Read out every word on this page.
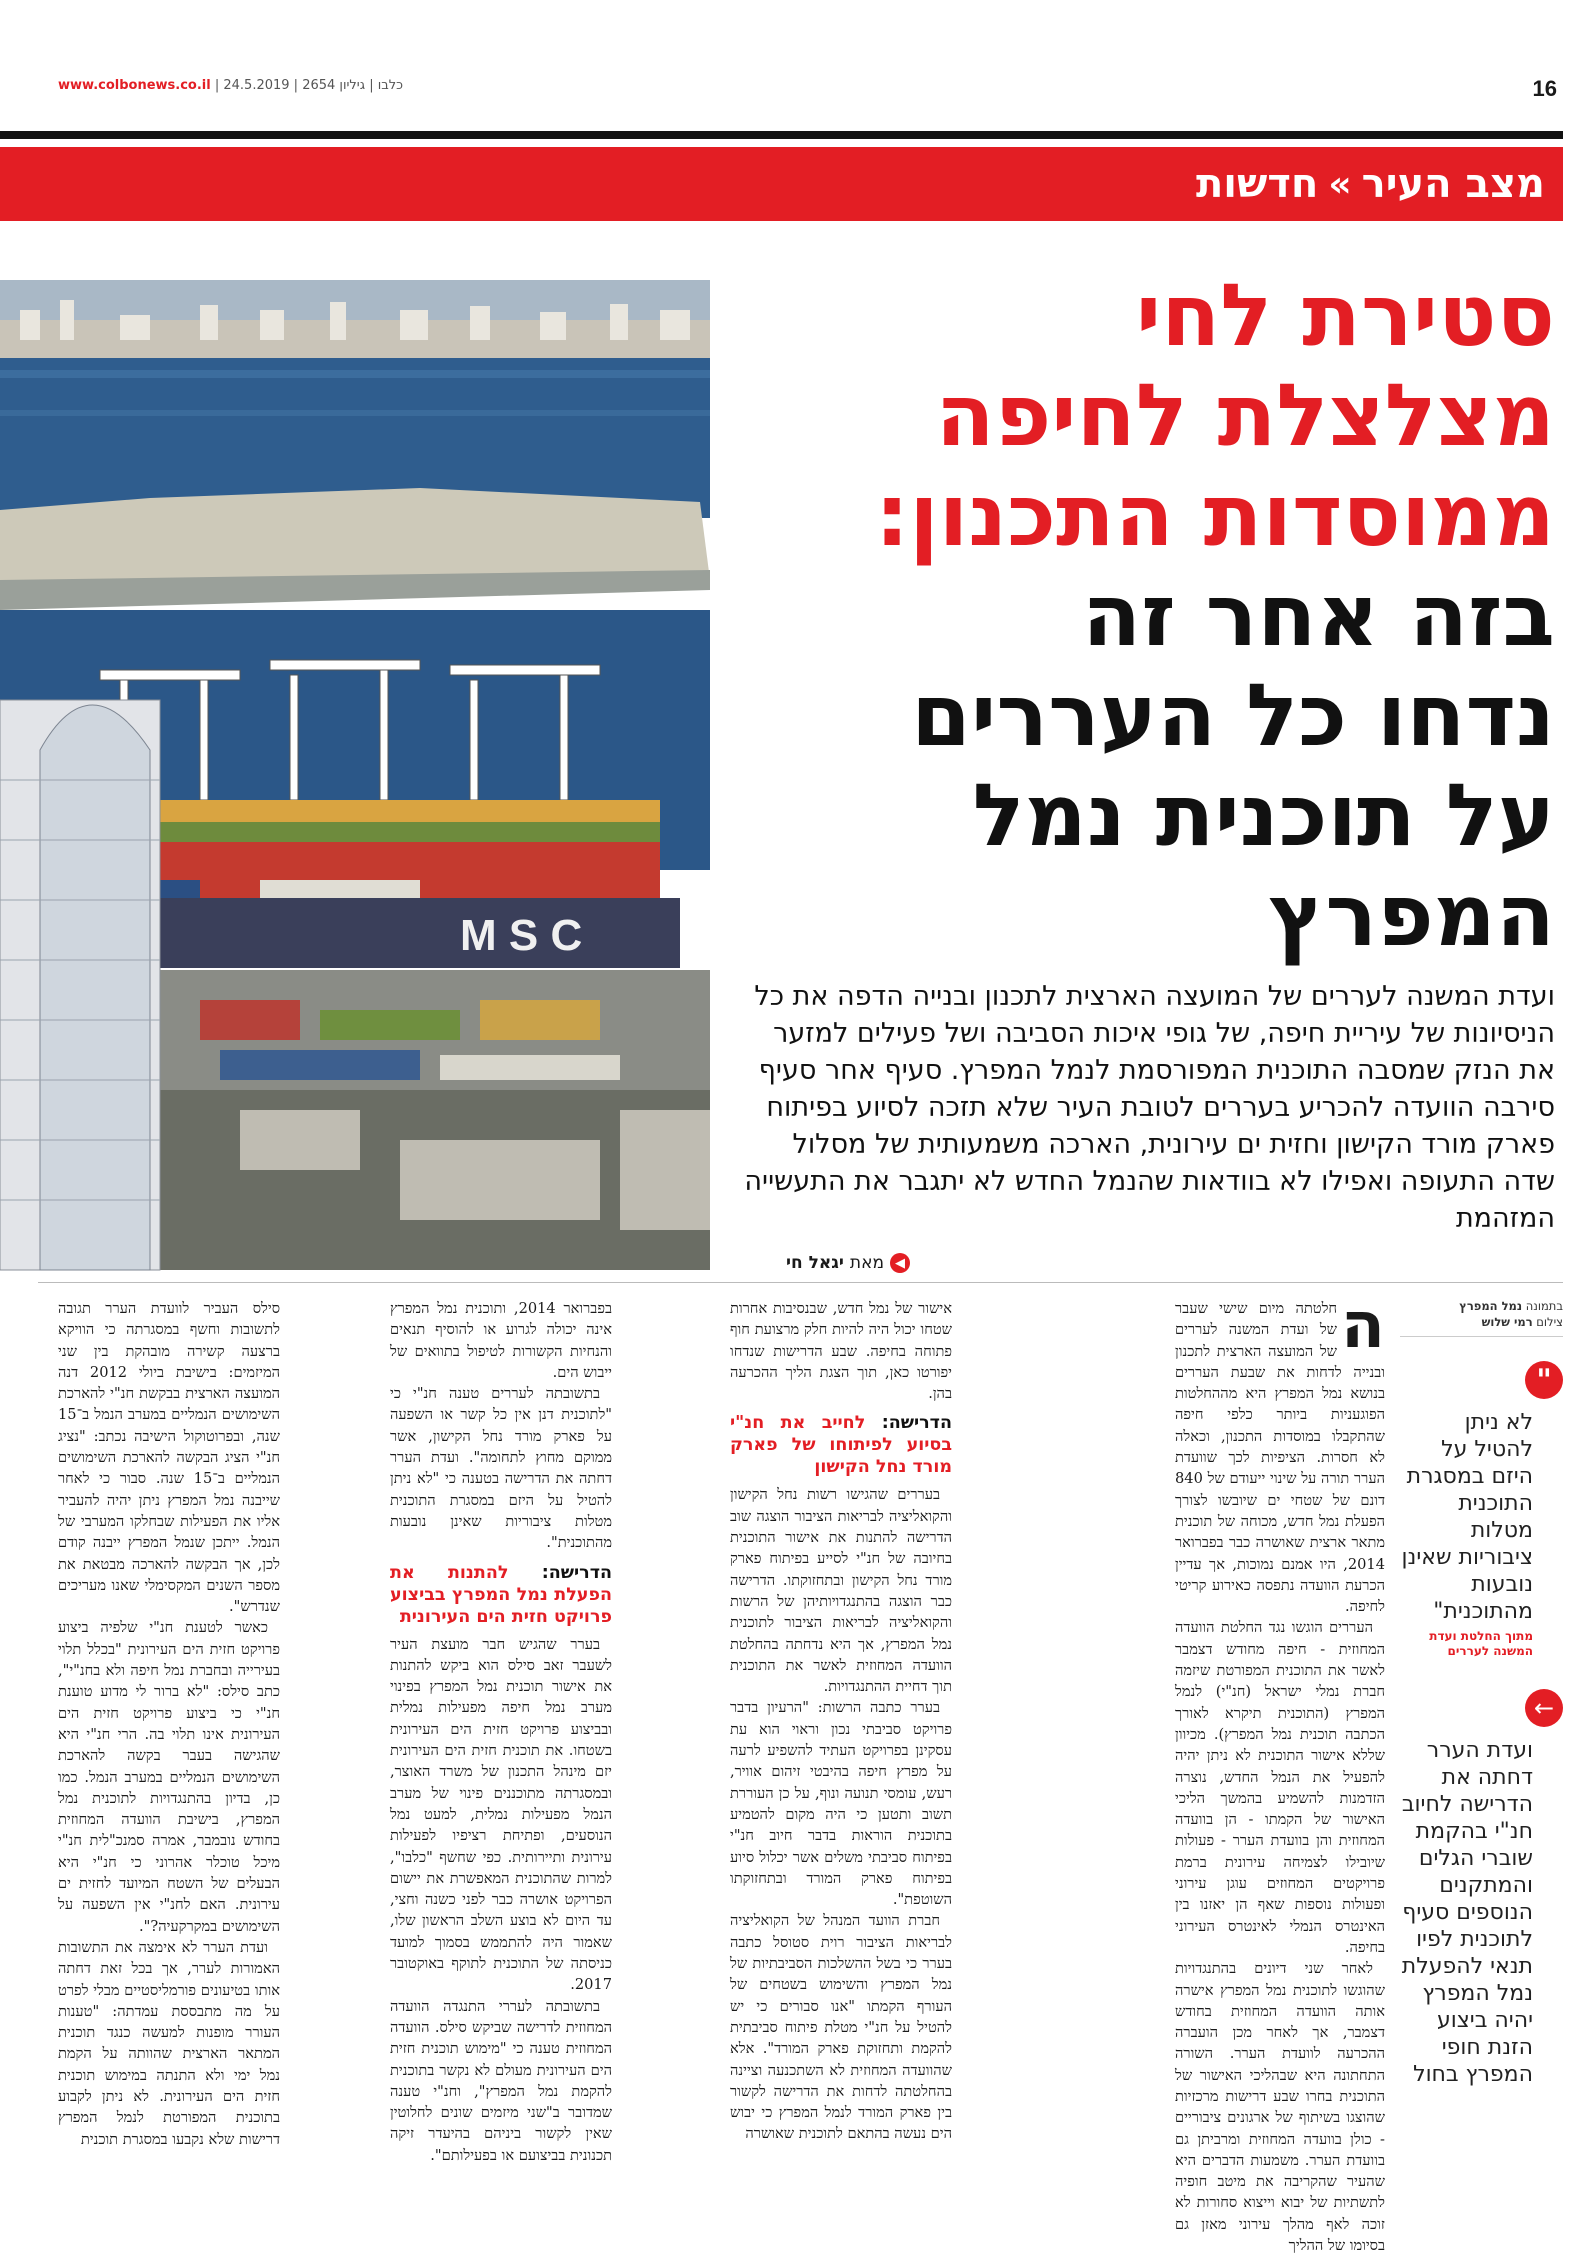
www.colbonews.co.il | כלבו | גיליון 2654 | 24.5.2019	16
מצב העיר
»
חדשות
M S C
סטירת לחי
מצלצלת לחיפה
ממוסדות התכנון:
בזה אחר זה
נדחו כל העררים
על תוכנית נמל
המפרץ
ועדת המשנה לעררים של המועצה הארצית לתכנון ובנייה הדפה את כל הניסיונות של עיריית חיפה, של גופי איכות הסביבה ושל פעילים למזער את הנזק שמסבה התוכנית המפורסמת לנמל המפרץ. סעיף אחר סעיף סירבה הוועדה להכריע בעררים לטובת העיר שלא תזכה לסיוע בפיתוח פארק מורד הקישון וחזית ים עירונית, הארכה משמעותית של מסלול שדה התעופה ואפילו לא בוודאות שהנמל החדש לא יתגבר את התעשייה המזהמת
◀
מאת
יגאל חי
בתמונה נמל המפרץ
צילום רמי שלוש
"
לא ניתן להטיל על היזם במסגרת התוכנית מטלות ציבוריות שאינן נובעות מהתוכנית"
מתוך החלטת ועדת המשנה לעררים
←
ועדת הערר דחתה את הדרישה לחיוב חנ"י בהקמת שוברי הגלים והמתקנים הנוספים סעיף לתוכנית לפיו תנאי להפעלת נמל המפרץ יהיה ביצוע הזנת חופי המפרץ בחול

ה
חלטתה מיום שישי שעבר של ועדת המשנה לעררים של המועצה הארצית לתכנון ובנייה לדחות את שבעת העררים בנושא נמל המפרץ היא מההחלטות הפוגעניות ביותר כלפי חיפה שהתקבלו במוסדות התכנון, וכאלה לא חסרות. הציפיות לכך שוועדת הערר תורה על שינוי ייעודם של 840 דונם של שטחי ים שיובשו לצורך הפעלת נמל חדש, מכוחה של תוכנית מתאר ארצית שאושרה כבר בפברואר 2014, היו אמנם נמוכות, אך עדיין הכרעת הוועדה נתפסה כאירוע קריטי לחיפה.

העררים הוגשו נגד החלטת הוועדה המחוזית - חיפה מחודש דצמבר לאשר את התוכנית המפורטת שיזמה חברת נמלי ישראל (חנ"י) לנמל המפרץ (התוכנית תיקרא לאורך הכתבה תוכנית נמל המפרץ). מכיוון שללא אישור התוכנית לא ניתן יהיה להפעיל את הנמל החדש, נוצרה הזדמנות להשמיע בהמשך הליכי האישור של הקמתו - הן בוועדה המחוזית והן בוועדת הערר - פעולות שיובילו לצמיחה עירונית ברמת פרויקטים המחוזים עוגן עירוני ופעולות נוספות שאף הן יאזנו בין האינטרס הנמלי לאינטרס העירוני בחיפה.

לאחר שני דיונים בהתנגדויות שהוגשו לתוכנית נמל המפרץ אישרה אותה הוועדה המחוזית בחודש דצמבר, אך לאחר מכן הועברה ההכרעה לוועדת הערר. השורה התחתונה היא שבהליכי האישור של התוכנית בחרו שבע דרישות מרכזיות שהוצגו בשיתוף של ארגונים ציבוריים - כולן בוועדה המחוזית ומרביתן גם בוועדת הערר. משמעות הדברים היא שהעיר שהקריבה את מיטב חופיה לתשתיות של יבוא וייצוא סחורות לא זוכה לאף מהלך עירוני מאזן גם בסיומו של ההליך

אישור של נמל חדש, שבנסיבות אחרות שטחו יכול היה להיות חלק מרצועת חוף פתוחה בחיפה. שבע הדרישות שנדחו יפורטו כאן, תוך הצגת הליך ההכרעה בהן.

הדרישה: לחייב את חנ"י בסיוע לפיתוחו של פארק מורד נחל הקישון

בעררים שהגישו רשות נחל הקישון והקואליציה לבריאות הציבור הוצגה שוב הדרישה להתנות את אישור התוכנית בחיובה של חנ"י לסייע בפיתוח פארק מורד נחל הקישון ובתחזוקתו. הדרישה כבר הוצגה בהתנגדויותיהן של הרשות והקואליציה לבריאות הציבור לתוכנית נמל המפרץ, אך היא נדחתה בהחלטת הוועדה המחוזית לאשר את התוכנית תוך דחיית ההתנגדויות.

בערר כתבה הרשות: "הרעיון בדבר פרויקט סביבתי נכון וראוי הוא עת עסקינן בפרויקט העתיד להשפיע לרעה על מפרץ חיפה בהיבטי זיהום אוויר, רעש, עומסי תנועה ונוף, על כן העוררת תשוב ותטען כי היה מקום להטמיע בתוכנית הוראות בדבר חיוב חנ"י בפיתוח סביבתי משלים אשר יכלול סיוע בפיתוח פארק המורד ובתחזוקתו השוטפת".

חברת הוועד המנהל של הקואליציה לבריאות הציבור רוית סטוסל כתבה בערר כי בשל ההשלכות הסביבתיות של נמל המפרץ והשימוש בשטחים של העורף הקמתו "אנו סבורים כי יש להטיל על חנ"י מטלת פיתוח סביבתית להקמת ותחזוקת פארק המורד". אלא שהוועדה המחוזית לא השתכנעה וציינה בהחלטתה לדחות את הדרישה לקשור בין פארק המורד לנמל המפרץ כי יבוש הים נעשה בהתאם לתוכנית שאושרה

בפברואר 2014, ותוכנית נמל המפרץ אינה יכולה לגרוע או להוסיף תנאים והנחיות הקשורות לטיפול בתוואים של ייבוש הים.

בתשובתה לעררים טענה חנ"י כי "לתוכנית דנן אין כל קשר או השפעה על פארק מורד נחל הקישון, אשר ממוקם מחוץ לתחומה". ועדת הערר דחתה את הדרישה בטענה כי "לא ניתן להטיל על היזם במסגרת התוכנית מטלות ציבוריות שאינן נובעות מהתוכנית".

הדרישה: להתנות את הפעלת נמל המפרץ בביצוע פרויקט חזית הים העירונית

בערר שהגיש חבר מועצת העיר לשעבר זאב סילס הוא ביקש להתנות את אישור תוכנית נמל המפרץ בפינוי מערב נמל חיפה מפעילות נמלית ובביצוע פרויקט חזית הים העירונית בשטחו. את תוכנית חזית הים העירונית יזם מינהל התכנון של משרד האוצר, ובמסגרתה מתוכננים פינוי של מערב הנמל מפעילות נמלית, למעט נמל הנוסעים, ופתיחת רציפיו לפעילות עירונית ותיירותית. כפי שחשף "כלבו", למרות שהתוכנית המאפשרת את יישום הפרויקט אושרה כבר לפני כשנה וחצי, עד היום לא בוצע השלב הראשון שלו, שאמור היה להתממש בסמוך למועד כניסתה של התוכנית לתוקף באוקטובר 2017.

בתשובתה לעררי התנגדה הוועדה המחוזית לדרישה שביקש סילס. הוועדה המחוזית טענה כי "מימוש תוכנית חזית הים העירונית מעולם לא נקשר בתוכנית להקמת נמל המפרץ", וחנ"י טענה שמדובר ב"שני מיזמים שונים לחלוטין שאין לקשור ביניהם בהיעדר זיקה תכנונית בביצועם או בפעילותם".

סילס העביר לוועדת הערר תגובה לתשובות וחשף במסגרתה כי הוויקא ברצעה קשירה מובהקת בין שני המיזמים: בישיבת ביולי 2012 דנה המועצה הארצית בבקשת חנ"י להארכת השימושים הנמליים במערב הנמל ב־15 שנה, ובפרוטוקול הישיבה נכתב: "נציג חנ"י הציג הבקשה להארכת השימושים הנמליים ב־15 שנה. סבור כי לאחר שייבנה נמל המפרץ ניתן יהיה להעביר אליו את הפעילות שבחלקו המערבי של הנמל. ייתכן שנמל המפרץ ייבנה קודם לכן, אך הבקשה להארכה מבטאת את מספר השנים המקסימלי שאנו מעריכים שנדרש".

כאשר לטענת חנ"י שלפיה ביצוע פרויקט חזית הים העירונית "בכלל תלוי בעירייה ובחברת נמל חיפה ולא בחנ"י", כתב סילס: "לא ברור לי מדוע טוענת חנ"י כי ביצוע פרויקט חזית הים העירונית אינו תלוי בה. הרי חנ"י היא שהגישה בעבר בקשה להארכת השימושים הנמליים במערב הנמל. כמו כן, בדיון בהתנגדויות לתוכנית נמל המפרץ, בישיבת הוועדה המחוזית בחודש נובמבר, אמרה סמנכ"לית חנ"י מיכל טוכלר אהרוני כי חנ"י היא הבעלים של השטח המיועד לחזית ים עירונית. האם לחנ"י אין השפעה על השימושים במקרקעיה?".

ועדת הערר לא אימצה את התשובות האמורות לערר, אך בכל זאת דחתה אותו בטיעונים פורמליסטיים מבלי לפרט על מה מתבססת עמדתה: "טענות העורר מופנות למעשה כנגד תוכנית המתאר הארצית שהוותה על הקמת נמל ימי ולא התנתה במימוש תוכנית חזית הים העירונית. לא ניתן לקבוע בתוכנית המפורטת לנמל המפרץ דרישות שלא נקבעו במסגרת תוכנית
